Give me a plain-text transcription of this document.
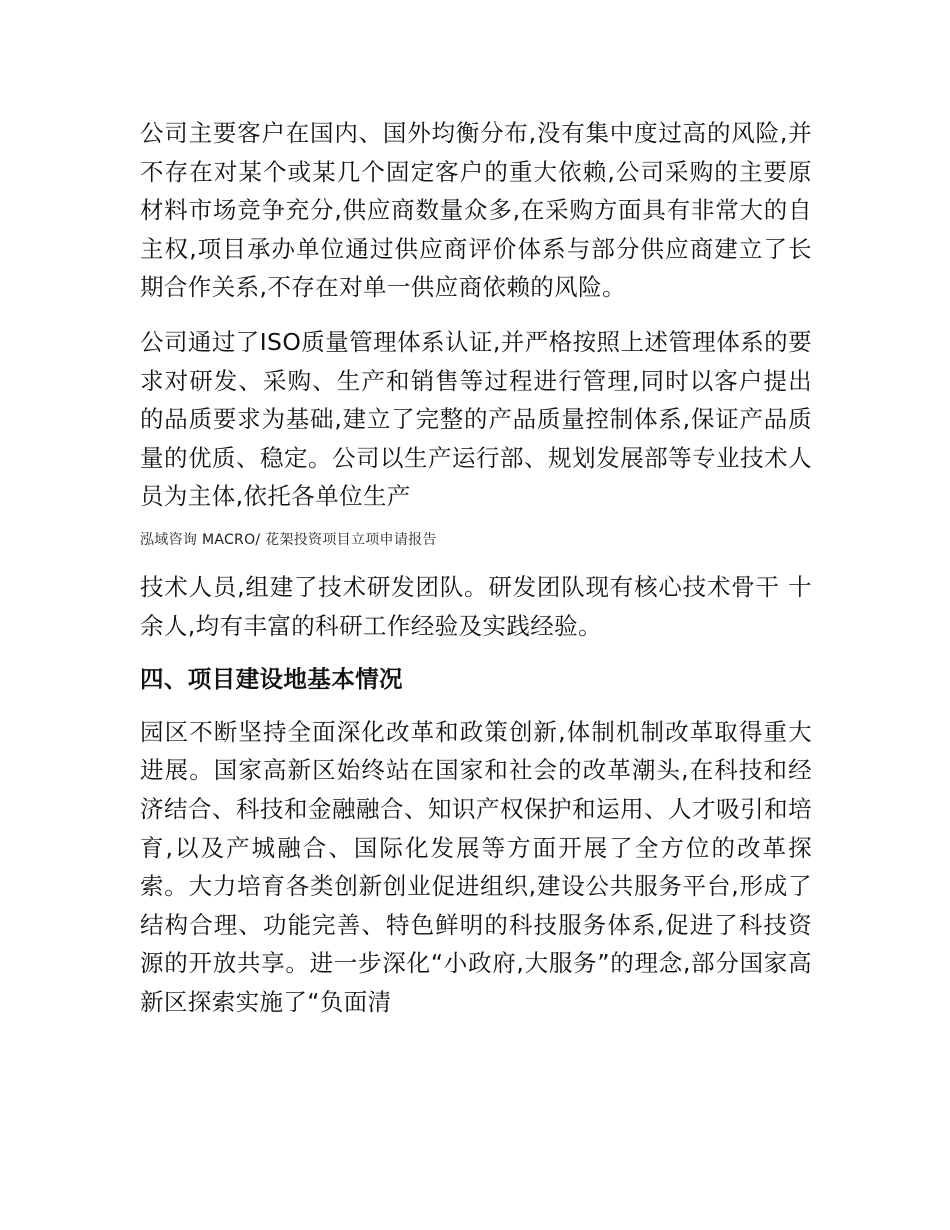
公司主要客户在国内、国外均衡分布,没有集中度过高的风险,并不存在对某个或某几个固定客户的重大依赖,公司采购的主要原材料市场竞争充分,供应商数量众多,在采购方面具有非常大的自主权,项目承办单位通过供应商评价体系与部分供应商建立了长期合作关系,不存在对单一供应商依赖的风险。

公司通过了ISO质量管理体系认证,并严格按照上述管理体系的要求对研发、采购、生产和销售等过程进行管理,同时以客户提出的品质要求为基础,建立了完整的产品质量控制体系,保证产品质量的优质、稳定。公司以生产运行部、规划发展部等专业技术人员为主体,依托各单位生产

泓域咨询 MACRO/ 花架投资项目立项申请报告

技术人员,组建了技术研发团队。研发团队现有核心技术骨干 十余人,均有丰富的科研工作经验及实践经验。

四、项目建设地基本情况

园区不断坚持全面深化改革和政策创新,体制机制改革取得重大进展。国家高新区始终站在国家和社会的改革潮头,在科技和经济结合、科技和金融融合、知识产权保护和运用、人才吸引和培育,以及产城融合、国际化发展等方面开展了全方位的改革探索。大力培育各类创新创业促进组织,建设公共服务平台,形成了结构合理、功能完善、特色鲜明的科技服务体系,促进了科技资源的开放共享。进一步深化“小政府,大服务”的理念,部分国家高新区探索实施了“负面清
